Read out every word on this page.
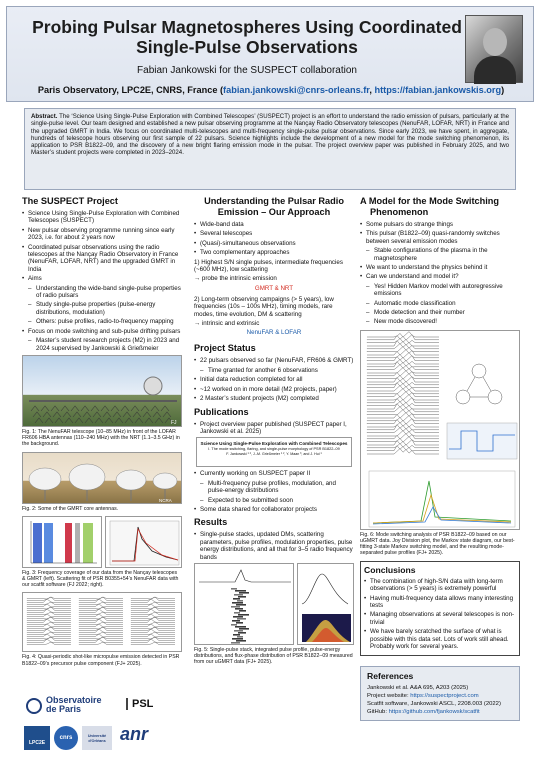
Probing Pulsar Magnetospheres Using Coordinated
Single-Pulse Observations
Fabian Jankowski for the SUSPECT collaboration
Paris Observatory, LPC2E, CNRS, France (fabian.jankowski@cnrs-orleans.fr, https://fabian.jankowskis.org)
Abstract. The ‘Science Using Single-Pulse Exploration with Combined Telescopes’ (SUSPECT) project is an effort to understand the radio emission of pulsars, particularly at the single-pulse level. Our team designed and established a new pulsar observing programme at the Nançay Radio Observatory telescopes (NenuFAR, LOFAR, NRT) in France and the upgraded GMRT in India. We focus on coordinated multi-telescopes and multi-frequency single-pulse pulsar observations. Since early 2023, we have spent, in aggregate, hundreds of telescope hours observing our first sample of 22 pulsars. Science highlights include the development of a new model for the mode switching phenomenon, its application to PSR B1822–09, and the discovery of a new bright flaring emission mode in the pulsar. The project overview paper was published in February 2025, and two Master’s student projects were completed in 2023–2024.
The SUSPECT Project
• Science Using Single-Pulse Exploration with Combined Telescopes (SUSPECT)
• New pulsar observing programme running since early 2023, i.e. for about 2 years now
• Coordinated pulsar observations using the radio telescopes at the Nançay Radio Observatory in France (NenuFAR, LOFAR, NRT) and the upgraded GMRT in India
• Aims
– Understanding the wide-band single-pulse properties of radio pulsars
– Study single-pulse properties (pulse-energy distributions, modulation)
– Others: pulse profiles, radio-to-frequency mapping
• Focus on mode switching and sub-pulse drifting pulsars
– Master’s student research projects (M2) in 2023 and 2024 supervised by Jankowski & Grießmeier
FJ
Fig. 1: The NenuFAR telescope (10–85 MHz) in front of the LOFAR FR606 HBA antennas (110–240 MHz) with the NRT (1.1–3.5 GHz) in the background.
NCRA
Fig. 2: Some of the GMRT core antennas.
Fig. 3: Frequency coverage of our data from the Nançay telescopes & GMRT (left). Scattering fit of PSR B0355+54’s NenuFAR data with our scatfit software (FJ 2022; right).
Fig. 4: Quasi-periodic shot-like micropulse emission detected in PSR B1822–09’s precursor pulse component (FJ+ 2025).
Observatoire
de Paris	PSL
LPC2E
cnrs	Université d'Orléans anr
Understanding the Pulsar Radio
Emission – Our Approach
• Wide-band data
• Several telescopes
• (Quasi)-simultaneous observations
• Two complementary approaches
1) Highest S/N single pulses, intermediate frequencies (~600 MHz), low scattering
→ probe the intrinsic emission
GMRT & NRT
2) Long-term observing campaigns (> 5 years), low frequencies (10s – 100s MHz), timing models, rare modes, time evolution, DM & scattering
→ intrinsic and extrinsic
NenuFAR & LOFAR
Project Status
• 22 pulsars observed so far (NenuFAR, FR606 & GMRT)
– Time granted for another 6 observations
• Initial data reduction completed for all
• ~12 worked on in more detail (M2 projects, paper)
• 2 Master’s student projects (M2) completed
Publications
• Project overview paper published (SUSPECT paper I, Jankowski et al. 2025)
Science Using Single-Pulse Exploration with Combined Telescopes
I. The mode switching, flaring, and single-pulse morphology of PSR B1822–09
F. Jankowski ¹ ², J.-M. Grießmeier ¹ ², Y. Maan ³, and J. Hui ¹
• Currently working on SUSPECT paper II
– Multi-frequency pulse profiles, modulation, and pulse-energy distributions
– Expected to be submitted soon
• Some data shared for collaborator projects
Results
• Single-pulse stacks, updated DMs, scattering parameters, pulse profiles, modulation properties, pulse energy distributions, and all that for 3–5 radio frequency bands
Fig. 5: Single-pulse stack, integrated pulse profile, pulse-energy distributions, and flux-phase distribution of PSR B1822–09 measured from our uGMRT data (FJ+ 2025).
A Model for the Mode Switching
Phenomenon
• Some pulsars do strange things
• This pulsar (B1822–09) quasi-randomly switches between several emission modes
– Stable configurations of the plasma in the magnetosphere
• We want to understand the physics behind it
• Can we understand and model it?
– Yes! Hidden Markov model with autoregressive emissions
– Automatic mode classification
– Mode detection and their number
– New mode discovered!
Fig. 6: Mode switching analysis of PSR B1822–09 based on our uGMRT data. Joy Division plot, the Markov state diagram, our best-fitting 3-state Markov switching model, and the resulting mode-separated pulse profiles (FJ+ 2025).
Conclusions
• The combination of high-S/N data with long-term observations (> 5 years) is extremely powerful
• Having multi-frequency data allows many interesting tests
• Managing observations at several telescopes is non-trivial
• We have barely scratched the surface of what is possible with this data set. Lots of work still ahead. Probably work for several years.
References

Jankowski et al. A&A 695, A203 (2025)

Project website: https://suspectproject.com

Scatfit software, Jankowski ASCL, 2208.003 (2022)

GitHub: https://github.com/fjankowsk/scatfit
